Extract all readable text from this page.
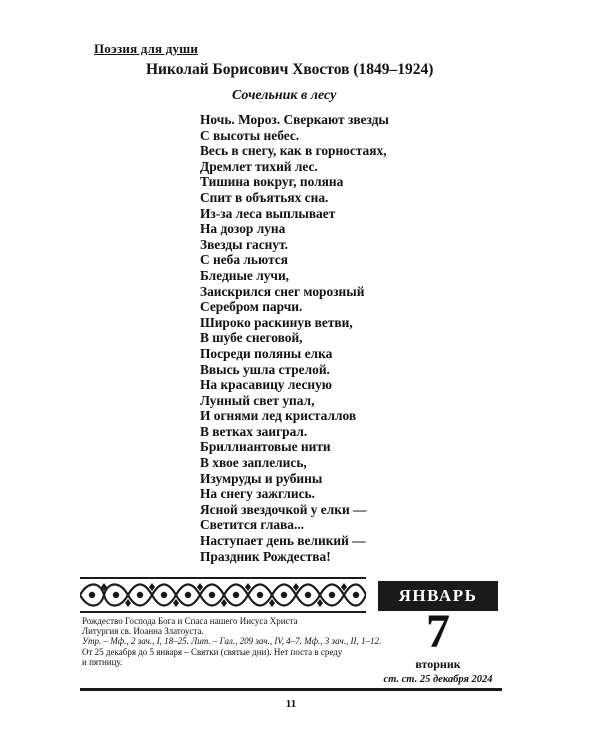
Поэзия для души
Николай Борисович Хвостов (1849–1924)
Сочельник в лесу
Ночь. Мороз. Сверкают звезды
С высоты небес.
Весь в снегу, как в горностаях,
Дремлет тихий лес.
Тишина вокруг, поляна
Спит в объятьях сна.
Из-за леса выплывает
На дозор луна
Звезды гаснут.
С неба льются
Бледные лучи,
Заискрился снег морозный
Серебром парчи.
Широко раскинув ветви,
В шубе снеговой,
Посреди поляны елка
Ввысь ушла стрелой.
На красавицу лесную
Лунный свет упал,
И огнями лед кристаллов
В ветках заиграл.
Бриллиантовые нити
В хвое заплелись,
Изумруды и рубины
На снегу зажглись.
Ясной звездочкой у елки —
Светится глава...
Наступает день великий —
Праздник Рождества!
ЯНВАРЬ
Рождество Господа Бога и Спаса нашего Иисуса Христа
Литургия св. Иоанна Златоуста.
Утр. – Мф., 2 зач., I, 18–25. Лит. – Гал., 209 зач., IV, 4–7. Мф., 3 зач., II, 1–12.
От 25 декабря до 5 января – Святки (святые дни). Нет поста в среду
и пятницу.
7
вторник
ст. ст. 25 декабря 2024
11
